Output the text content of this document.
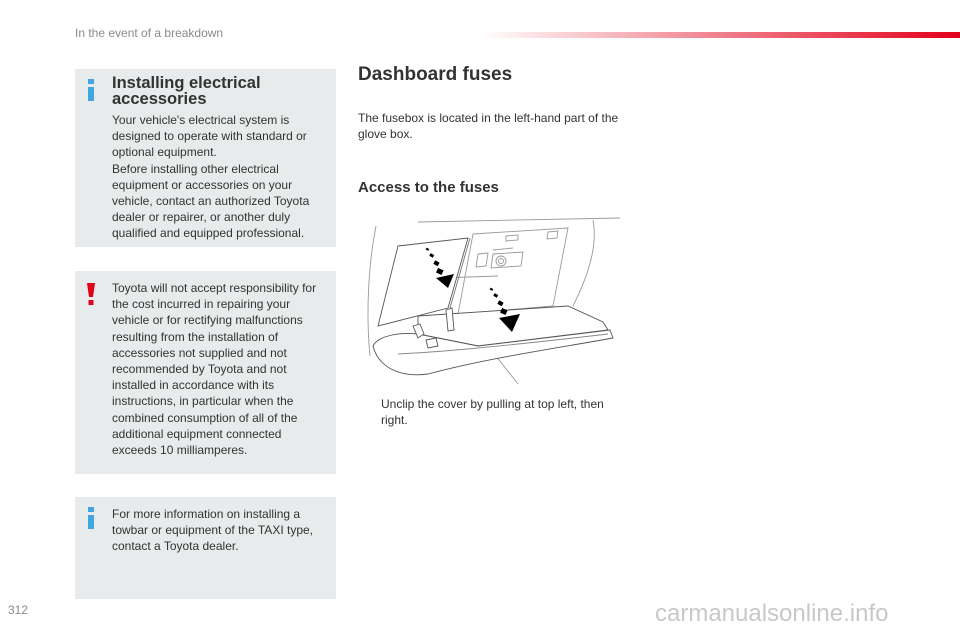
In the event of a breakdown
Installing electrical accessories
Your vehicle's electrical system is designed to operate with standard or optional equipment.
Before installing other electrical equipment or accessories on your vehicle, contact an authorized Toyota dealer or repairer, or another duly qualified and equipped professional.
Toyota will not accept responsibility for the cost incurred in repairing your vehicle or for rectifying malfunctions resulting from the installation of accessories not supplied and not recommended by Toyota and not installed in accordance with its instructions, in particular when the combined consumption of all of the additional equipment connected exceeds 10 milliamperes.
For more information on installing a towbar or equipment of the TAXI type, contact a Toyota dealer.
Dashboard fuses
The fusebox is located in the left-hand part of the glove box.
Access to the fuses
Unclip the cover by pulling at top left, then right.
312	carmanualsonline.info
